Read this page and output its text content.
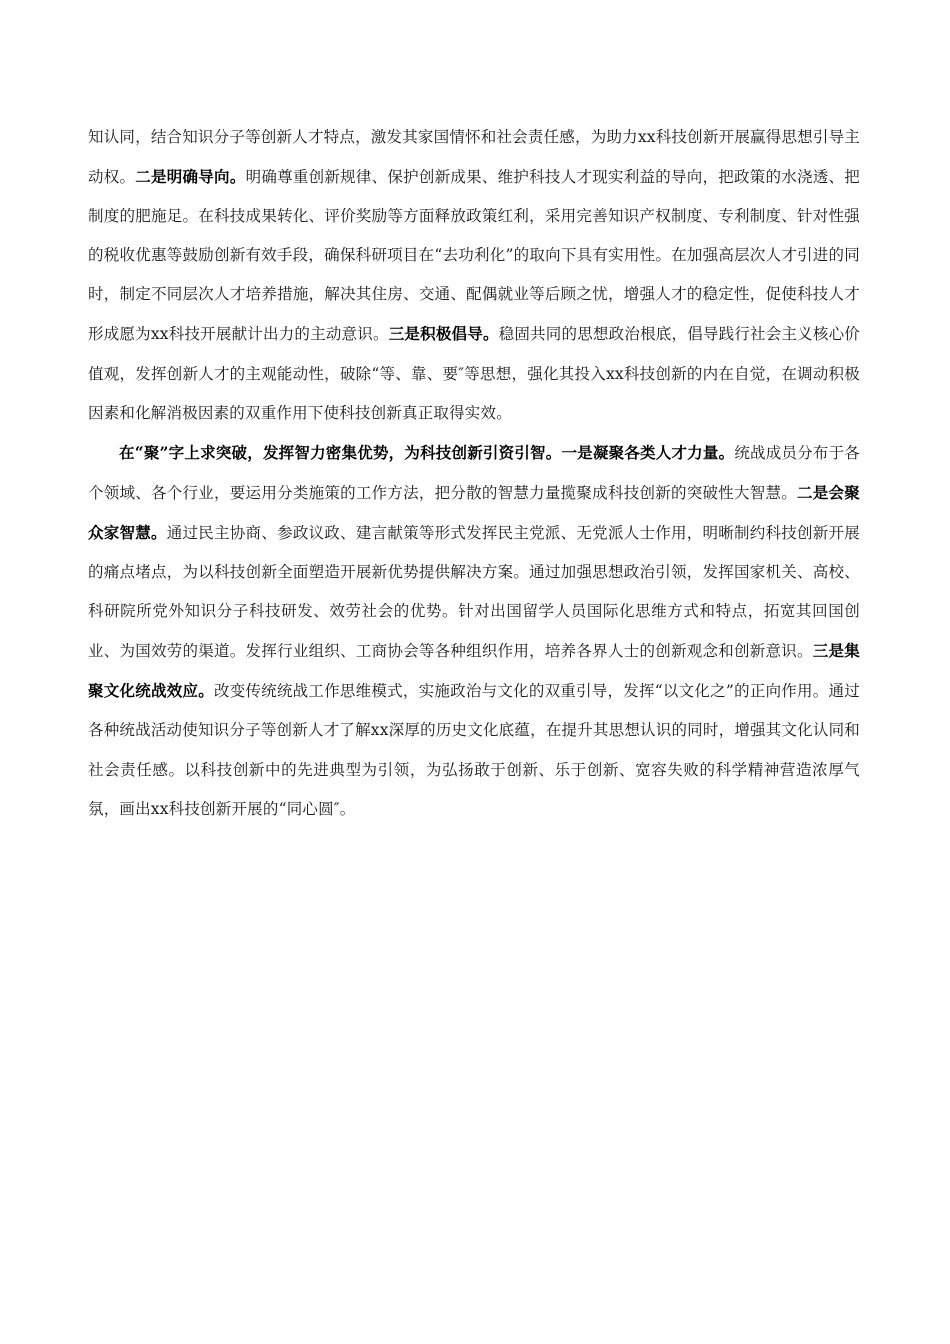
知认同，结合知识分子等创新人才特点，激发其家国情怀和社会责任感，为助力xx科技创新开展赢得思想引导主动权。二是明确导向。明确尊重创新规律、保护创新成果、维护科技人才现实利益的导向，把政策的水浇透、把制度的肥施足。在科技成果转化、评价奖励等方面释放政策红利，采用完善知识产权制度、专利制度、针对性强的税收优惠等鼓励创新有效手段，确保科研项目在“去功利化”的取向下具有实用性。在加强高层次人才引进的同时，制定不同层次人才培养措施，解决其住房、交通、配偶就业等后顾之忧，增强人才的稳定性，促使科技人才形成愿为xx科技开展献计出力的主动意识。三是积极倡导。稳固共同的思想政治根底，倡导践行社会主义核心价值观，发挥创新人才的主观能动性，破除“等、靠、要″等思想，强化其投入xx科技创新的内在自觉，在调动积极因素和化解消极因素的双重作用下使科技创新真正取得实效。

在“聚”字上求突破，发挥智力密集优势，为科技创新引资引智。一是凝聚各类人才力量。统战成员分布于各个领域、各个行业，要运用分类施策的工作方法，把分散的智慧力量揽聚成科技创新的突破性大智慧。二是会聚众家智慧。通过民主协商、参政议政、建言献策等形式发挥民主党派、无党派人士作用，明晰制约科技创新开展的痛点堵点，为以科技创新全面塑造开展新优势提供解决方案。通过加强思想政治引领，发挥国家机关、高校、科研院所党外知识分子科技研发、效劳社会的优势。针对出国留学人员国际化思维方式和特点，拓宽其回国创业、为国效劳的渠道。发挥行业组织、工商协会等各种组织作用，培养各界人士的创新观念和创新意识。三是集聚文化统战效应。改变传统统战工作思维模式，实施政治与文化的双重引导，发挥“以文化之”的正向作用。通过各种统战活动使知识分子等创新人才了解xx深厚的历史文化底蕴，在提升其思想认识的同时，增强其文化认同和社会责任感。以科技创新中的先进典型为引领，为弘扬敢于创新、乐于创新、宽容失败的科学精神营造浓厚气氛，画出xx科技创新开展的“同心圆″。
